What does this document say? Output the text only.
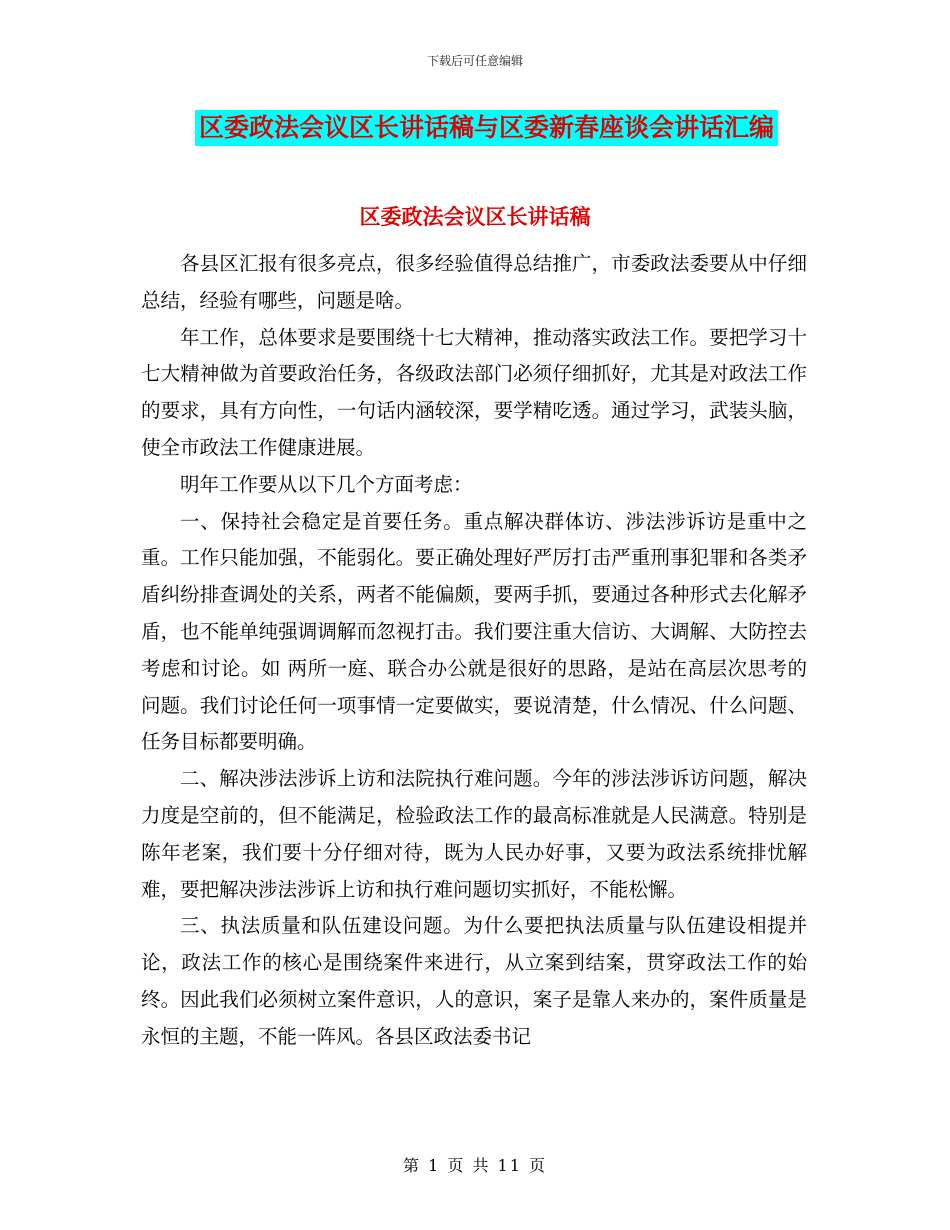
下载后可任意编辑
区委政法会议区长讲话稿与区委新春座谈会讲话汇编
区委政法会议区长讲话稿

各县区汇报有很多亮点，很多经验值得总结推广，市委政法委要从中仔细总结，经验有哪些，问题是啥。

年工作，总体要求是要围绕十七大精神，推动落实政法工作。要把学习十七大精神做为首要政治任务，各级政法部门必须仔细抓好，尤其是对政法工作的要求，具有方向性，一句话内涵较深，要学精吃透。通过学习，武装头脑，使全市政法工作健康进展。

明年工作要从以下几个方面考虑：

一、保持社会稳定是首要任务。重点解决群体访、涉法涉诉访是重中之重。工作只能加强，不能弱化。要正确处理好严厉打击严重刑事犯罪和各类矛盾纠纷排查调处的关系，两者不能偏颇，要两手抓，要通过各种形式去化解矛盾，也不能单纯强调调解而忽视打击。我们要注重大信访、大调解、大防控去考虑和讨论。如 两所一庭、联合办公就是很好的思路，是站在高层次思考的问题。我们讨论任何一项事情一定要做实，要说清楚，什么情况、什么问题、任务目标都要明确。

二、解决涉法涉诉上访和法院执行难问题。今年的涉法涉诉访问题，解决力度是空前的，但不能满足，检验政法工作的最高标准就是人民满意。特别是陈年老案，我们要十分仔细对待，既为人民办好事，又要为政法系统排忧解难，要把解决涉法涉诉上访和执行难问题切实抓好，不能松懈。

三、执法质量和队伍建设问题。为什么要把执法质量与队伍建设相提并论，政法工作的核心是围绕案件来进行，从立案到结案，贯穿政法工作的始终。因此我们必须树立案件意识，人的意识，案子是靠人来办的，案件质量是永恒的主题，不能一阵风。各县区政法委书记

第 1 页 共 11 页
